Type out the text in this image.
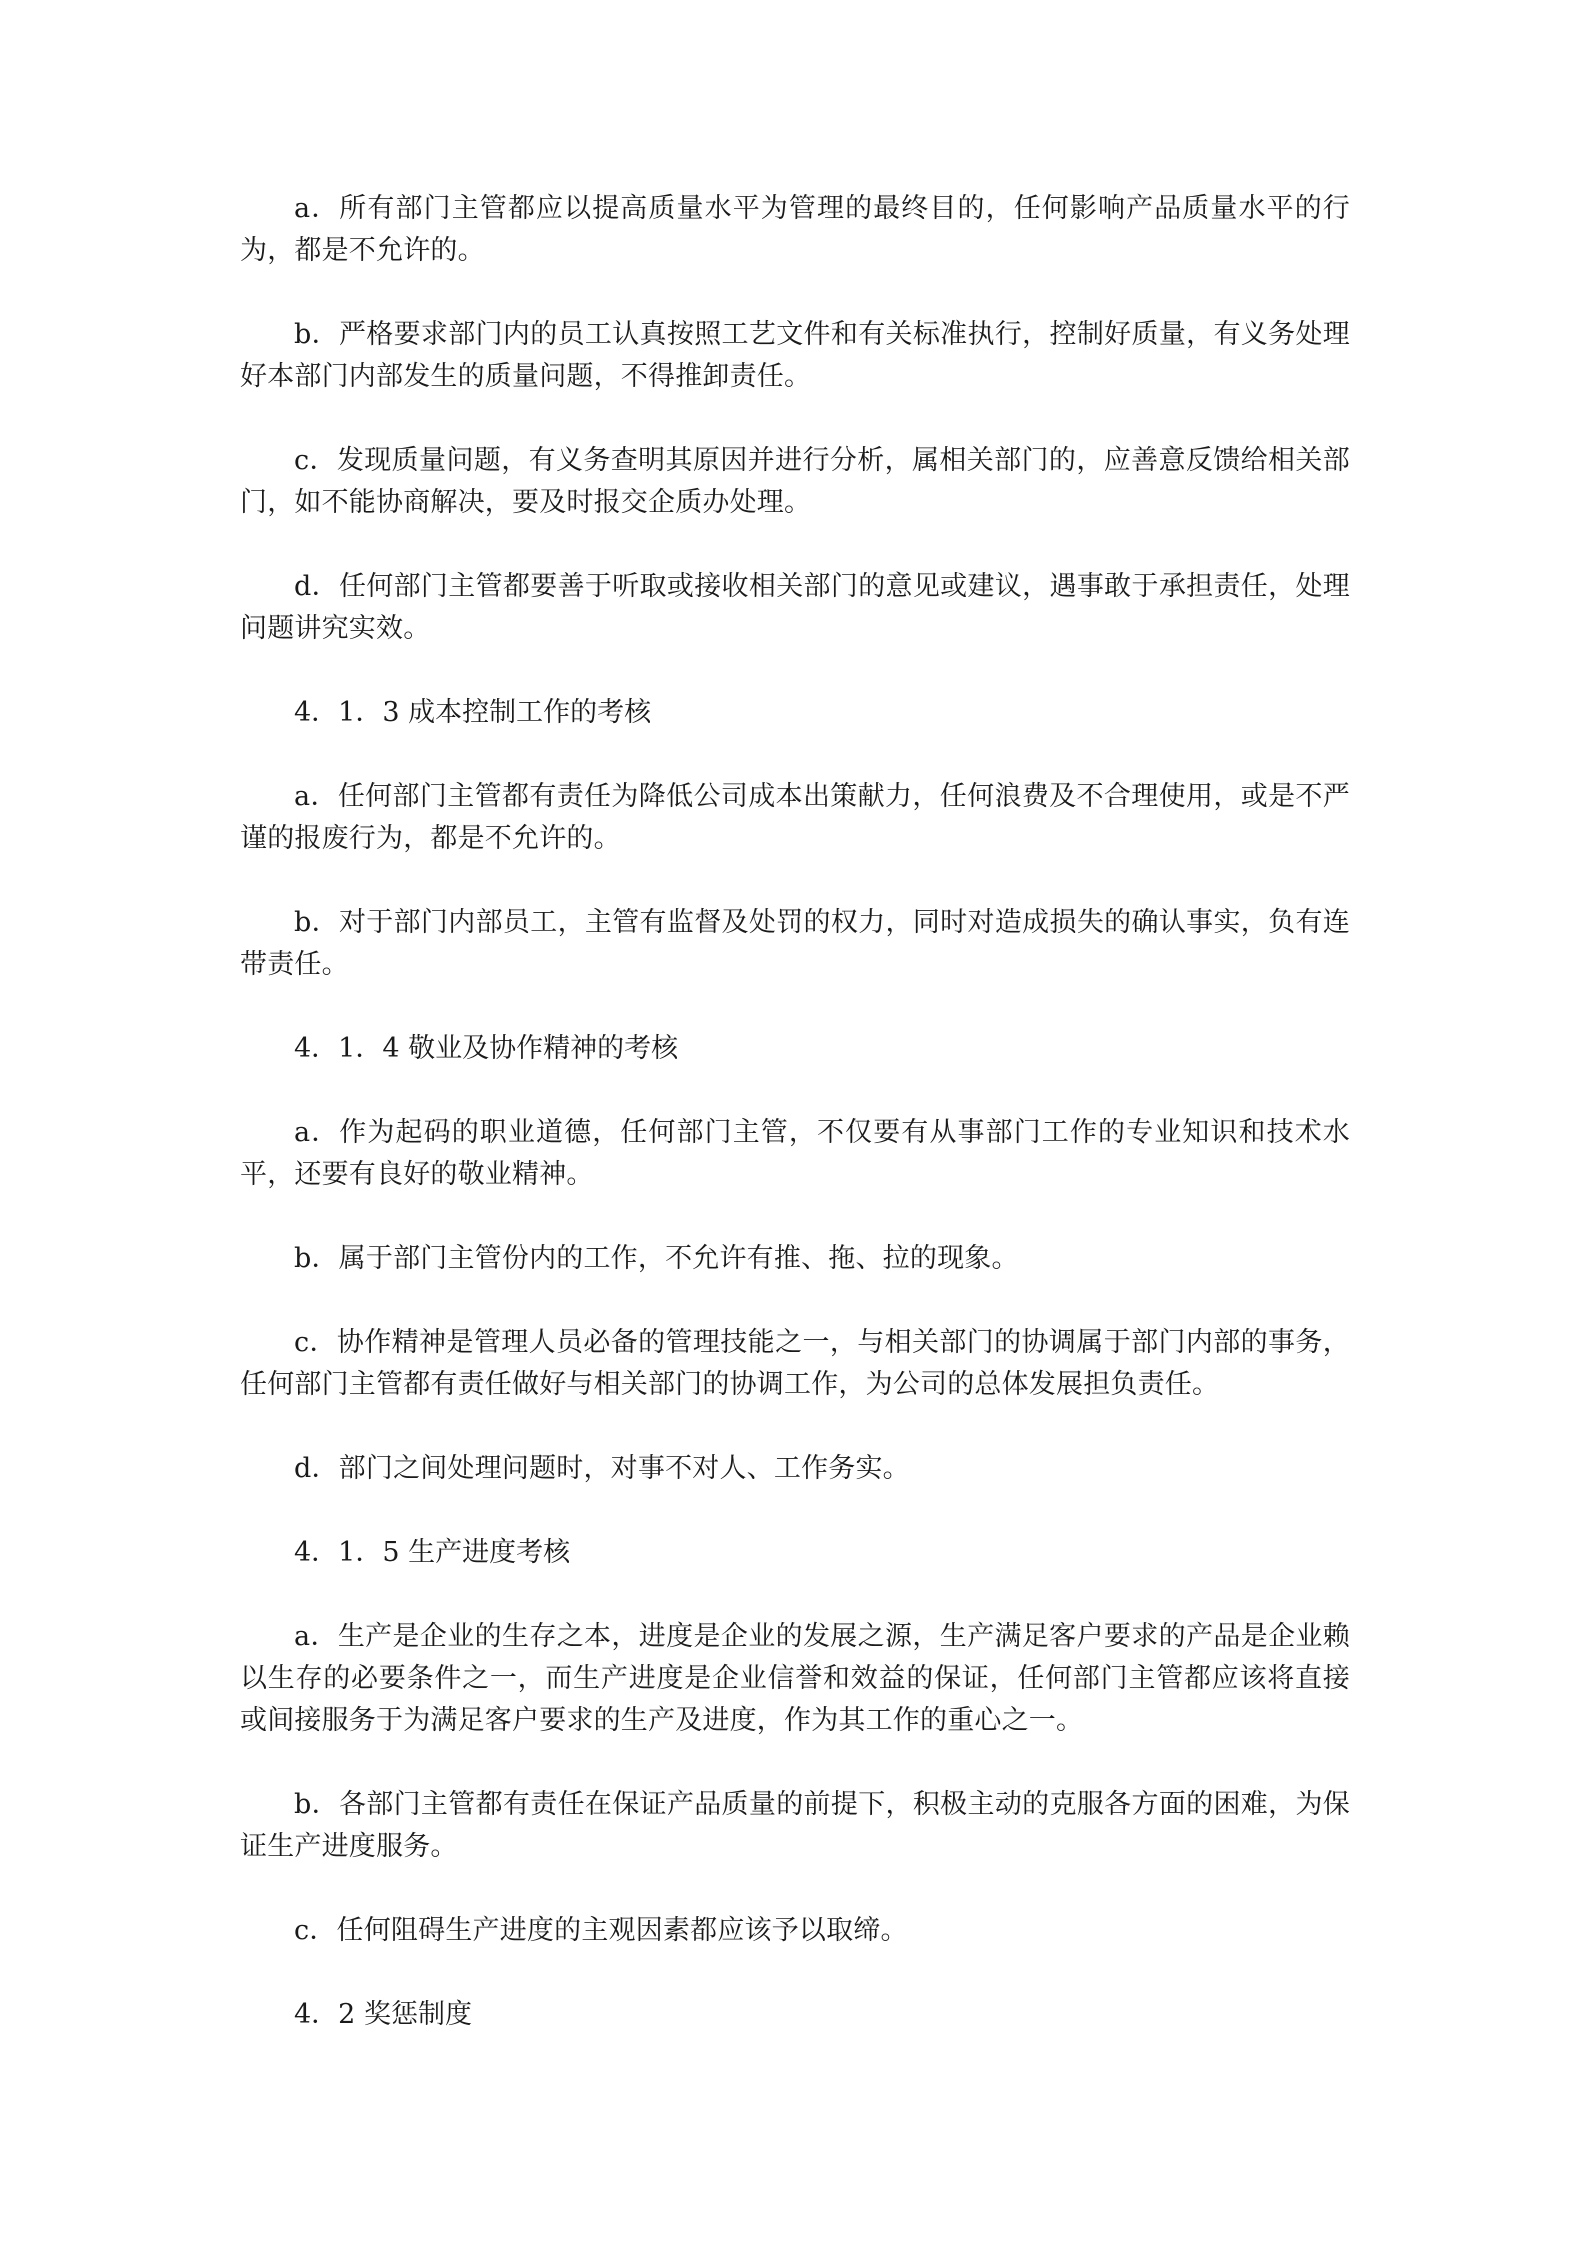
a．所有部门主管都应以提高质量水平为管理的最终目的，任何影响产品质量水平的行为，都是不允许的。

b．严格要求部门内的员工认真按照工艺文件和有关标准执行，控制好质量，有义务处理好本部门内部发生的质量问题，不得推卸责任。

c．发现质量问题，有义务查明其原因并进行分析，属相关部门的，应善意反馈给相关部门，如不能协商解决，要及时报交企质办处理。

d．任何部门主管都要善于听取或接收相关部门的意见或建议，遇事敢于承担责任，处理问题讲究实效。

4．1．3 成本控制工作的考核

a．任何部门主管都有责任为降低公司成本出策献力，任何浪费及不合理使用，或是不严谨的报废行为，都是不允许的。

b．对于部门内部员工，主管有监督及处罚的权力，同时对造成损失的确认事实，负有连带责任。

4．1．4 敬业及协作精神的考核

a．作为起码的职业道德，任何部门主管，不仅要有从事部门工作的专业知识和技术水平，还要有良好的敬业精神。

b．属于部门主管份内的工作，不允许有推、拖、拉的现象。

c．协作精神是管理人员必备的管理技能之一，与相关部门的协调属于部门内部的事务，任何部门主管都有责任做好与相关部门的协调工作，为公司的总体发展担负责任。

d．部门之间处理问题时，对事不对人、工作务实。

4．1．5 生产进度考核

a．生产是企业的生存之本，进度是企业的发展之源，生产满足客户要求的产品是企业赖以生存的必要条件之一，而生产进度是企业信誉和效益的保证，任何部门主管都应该将直接或间接服务于为满足客户要求的生产及进度，作为其工作的重心之一。

b．各部门主管都有责任在保证产品质量的前提下，积极主动的克服各方面的困难，为保证生产进度服务。

c．任何阻碍生产进度的主观因素都应该予以取缔。

4．2 奖惩制度
